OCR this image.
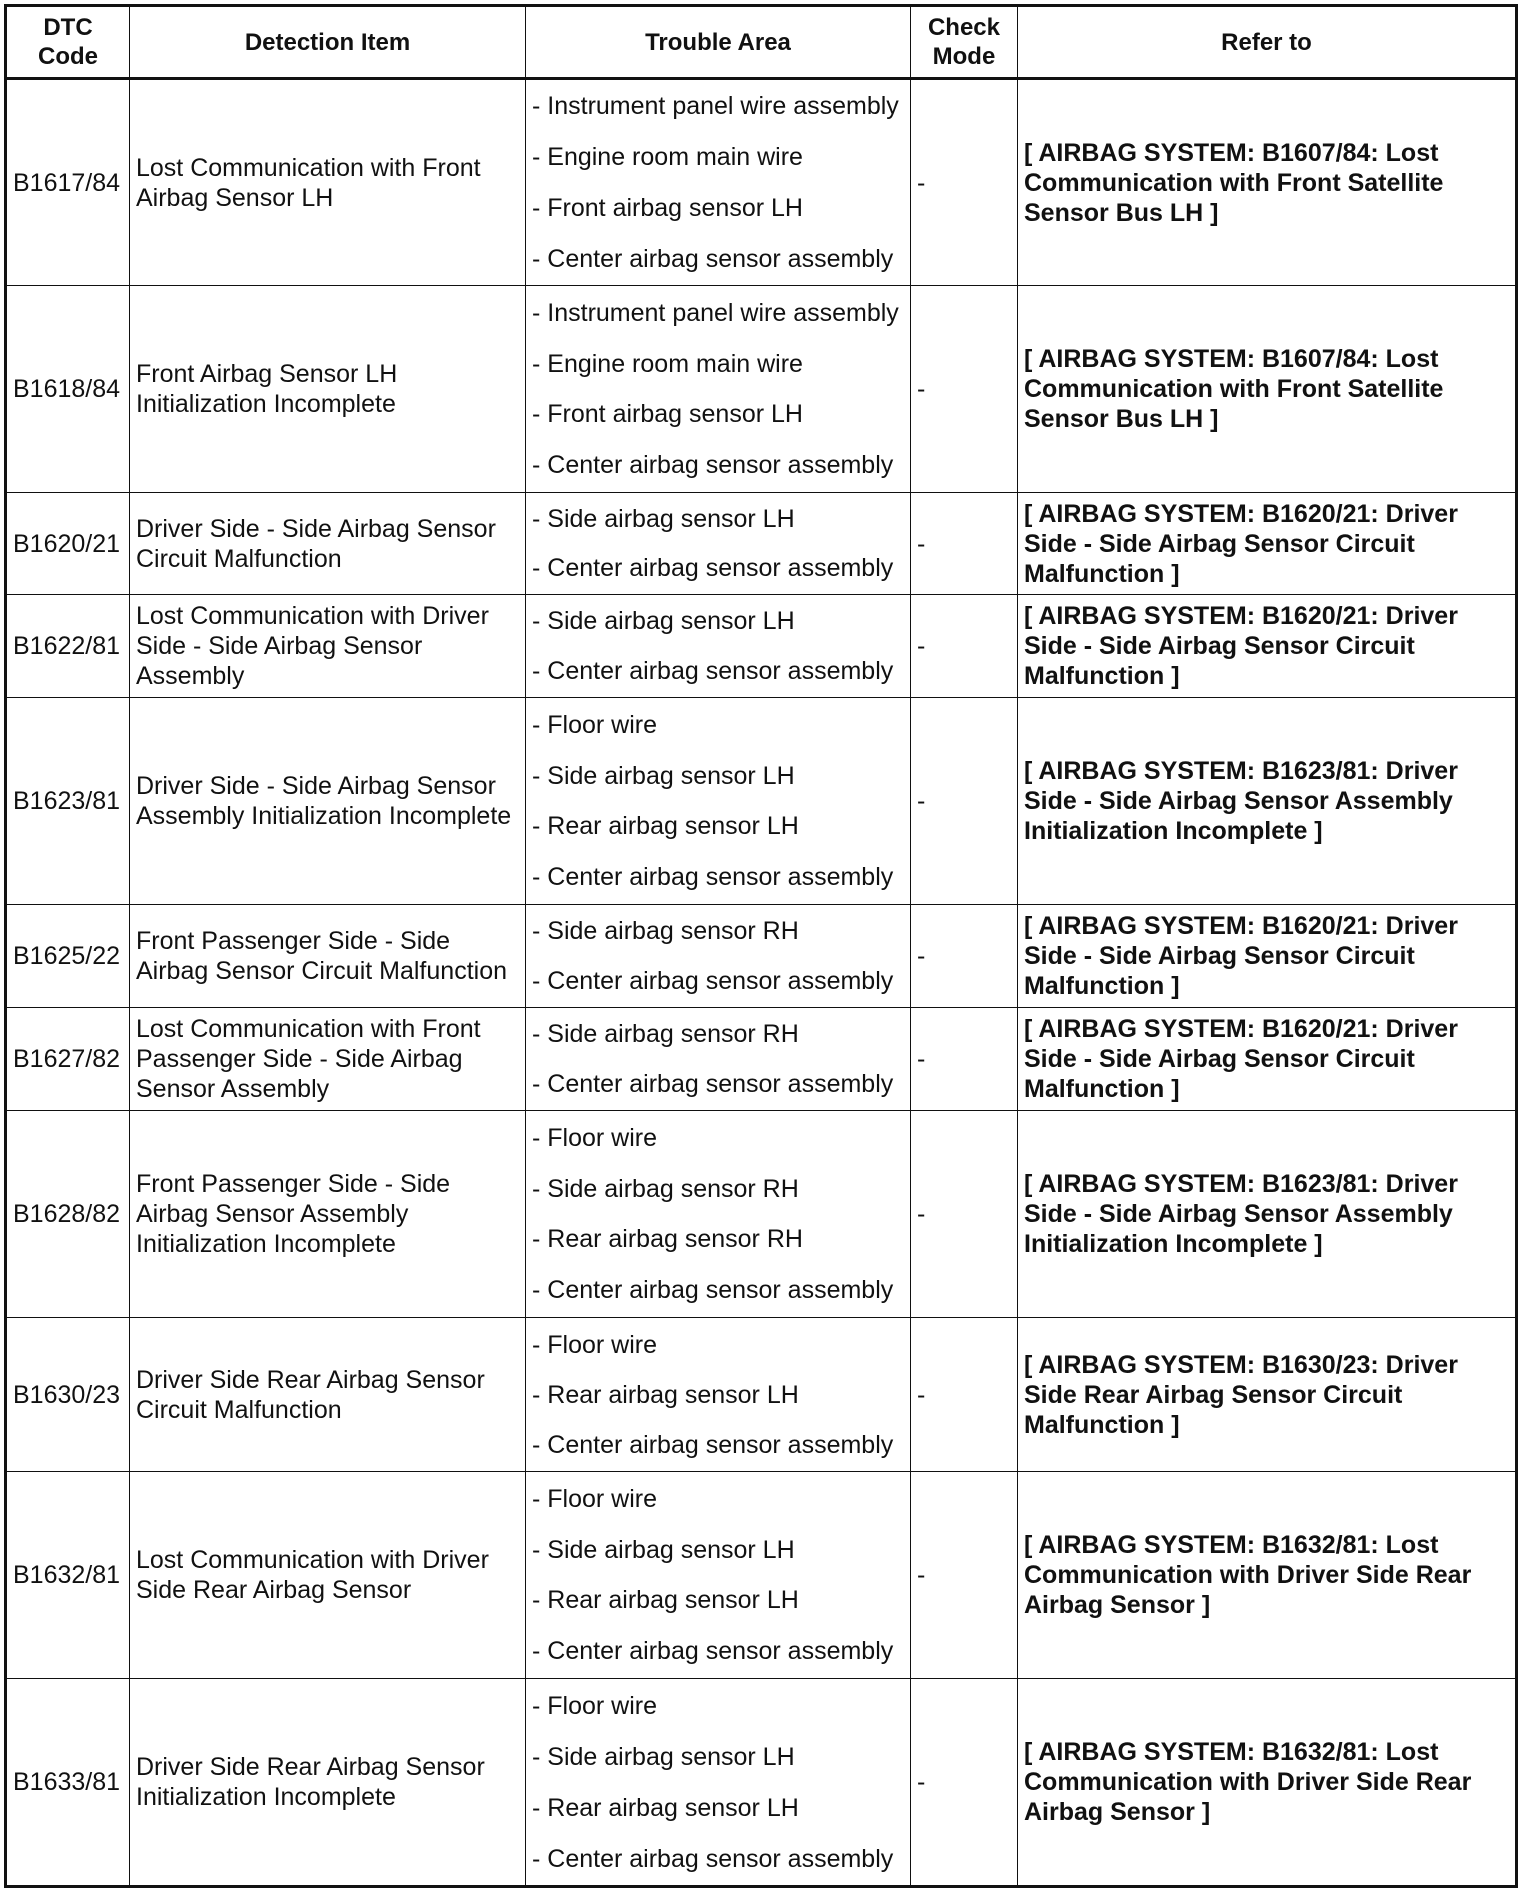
DTC Code	Detection Item	Trouble Area	Check Mode	Refer to
B1617/84	Lost Communication with Front Airbag Sensor LH	- Instrument panel wire assembly
- Engine room main wire
- Front airbag sensor LH
- Center airbag sensor assembly	-	[ AIRBAG SYSTEM: B1607/84: Lost Communication with Front Satellite Sensor Bus LH ]
B1618/84	Front Airbag Sensor LH Initialization Incomplete	- Instrument panel wire assembly
- Engine room main wire
- Front airbag sensor LH
- Center airbag sensor assembly	-	[ AIRBAG SYSTEM: B1607/84: Lost Communication with Front Satellite Sensor Bus LH ]
B1620/21	Driver Side - Side Airbag Sensor Circuit Malfunction	- Side airbag sensor LH
- Center airbag sensor assembly	-	[ AIRBAG SYSTEM: B1620/21: Driver Side - Side Airbag Sensor Circuit Malfunction ]
B1622/81	Lost Communication with Driver Side - Side Airbag Sensor Assembly	- Side airbag sensor LH
- Center airbag sensor assembly	-	[ AIRBAG SYSTEM: B1620/21: Driver Side - Side Airbag Sensor Circuit Malfunction ]
B1623/81	Driver Side - Side Airbag Sensor Assembly Initialization Incomplete	- Floor wire
- Side airbag sensor LH
- Rear airbag sensor LH
- Center airbag sensor assembly	-	[ AIRBAG SYSTEM: B1623/81: Driver Side - Side Airbag Sensor Assembly Initialization Incomplete ]
B1625/22	Front Passenger Side - Side Airbag Sensor Circuit Malfunction	- Side airbag sensor RH
- Center airbag sensor assembly	-	[ AIRBAG SYSTEM: B1620/21: Driver Side - Side Airbag Sensor Circuit Malfunction ]
B1627/82	Lost Communication with Front Passenger Side - Side Airbag Sensor Assembly	- Side airbag sensor RH
- Center airbag sensor assembly	-	[ AIRBAG SYSTEM: B1620/21: Driver Side - Side Airbag Sensor Circuit Malfunction ]
B1628/82	Front Passenger Side - Side Airbag Sensor Assembly Initialization Incomplete	- Floor wire
- Side airbag sensor RH
- Rear airbag sensor RH
- Center airbag sensor assembly	-	[ AIRBAG SYSTEM: B1623/81: Driver Side - Side Airbag Sensor Assembly Initialization Incomplete ]
B1630/23	Driver Side Rear Airbag Sensor Circuit Malfunction	- Floor wire
- Rear airbag sensor LH
- Center airbag sensor assembly	-	[ AIRBAG SYSTEM: B1630/23: Driver Side Rear Airbag Sensor Circuit Malfunction ]
B1632/81	Lost Communication with Driver Side Rear Airbag Sensor	- Floor wire
- Side airbag sensor LH
- Rear airbag sensor LH
- Center airbag sensor assembly	-	[ AIRBAG SYSTEM: B1632/81: Lost Communication with Driver Side Rear Airbag Sensor ]
B1633/81	Driver Side Rear Airbag Sensor Initialization Incomplete	- Floor wire
- Side airbag sensor LH
- Rear airbag sensor LH
- Center airbag sensor assembly	-	[ AIRBAG SYSTEM: B1632/81: Lost Communication with Driver Side Rear Airbag Sensor ]
